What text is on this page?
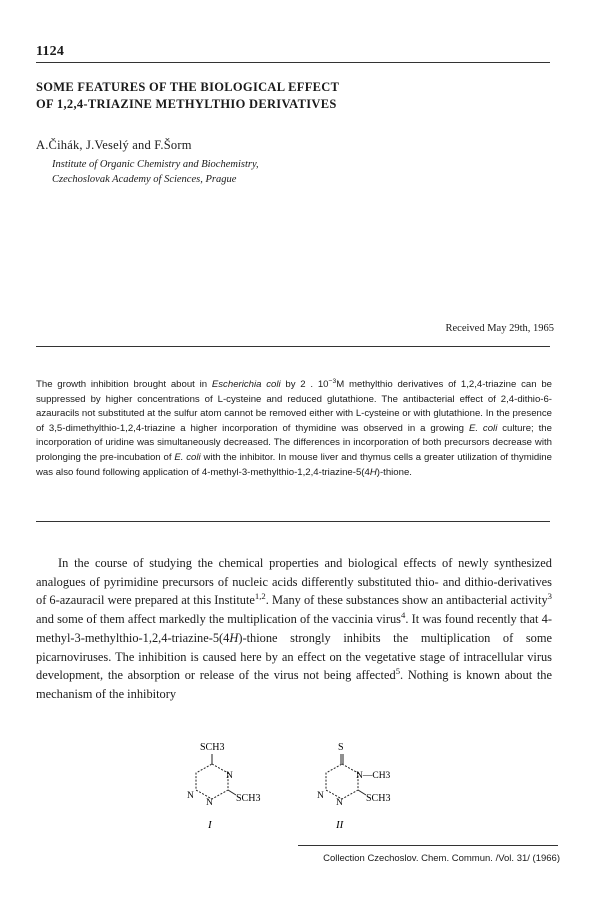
1124
SOME FEATURES OF THE BIOLOGICAL EFFECT
OF 1,2,4-TRIAZINE METHYLTHIO DERIVATIVES
A.Čihák, J.Veselý and F.Šorm
Institute of Organic Chemistry and Biochemistry,
Czechoslovak Academy of Sciences, Prague
Received May 29th, 1965
The growth inhibition brought about in Escherichia coli by 2 . $10^{-3}M$ methylthio derivatives of 1,2,4-triazine can be suppressed by higher concentrations of L-cysteine and reduced glutathione. The antibacterial effect of 2,4-dithio-6-azauracils not substituted at the sulfur atom cannot be removed either with L-cysteine or with glutathione. In the presence of 3,5-dimethylthio-1,2,4-triazine a higher incorporation of thymidine was observed in a growing E. coli culture; the incorporation of uridine was simultaneously decreased. The differences in incorporation of both precursors decrease with prolonging the pre-incubation of E. coli with the inhibitor. In mouse liver and thymus cells a greater utilization of thymidine was also found following application of 4-methyl-3-methylthio-1,2,4-triazine-5(4H)-thione.
In the course of studying the chemical properties and biological effects of newly synthesized analogues of pyrimidine precursors of nucleic acids differently substituted thio- and dithio-derivatives of 6-azauracil were prepared at this Institute$^{1,2}$. Many of these substances show an antibacterial activity$^3$ and some of them affect markedly the multiplication of the vaccinia virus$^4$. It was found recently that 4-methyl-3-methylthio-1,2,4-triazine-5(4H)-thione strongly inhibits the multiplication of some picarnoviruses. The inhibition is caused here by an effect on the vegetative stage of intracellular virus development, the absorption or release of the virus not being affected$^5$. Nothing is known about the mechanism of the inhibitory
SCH3
N
N
N SCH3
I
S
N—CH3
N
N SCH3
II
Collection Czechoslov. Chem. Commun. /Vol. 31/ (1966)
